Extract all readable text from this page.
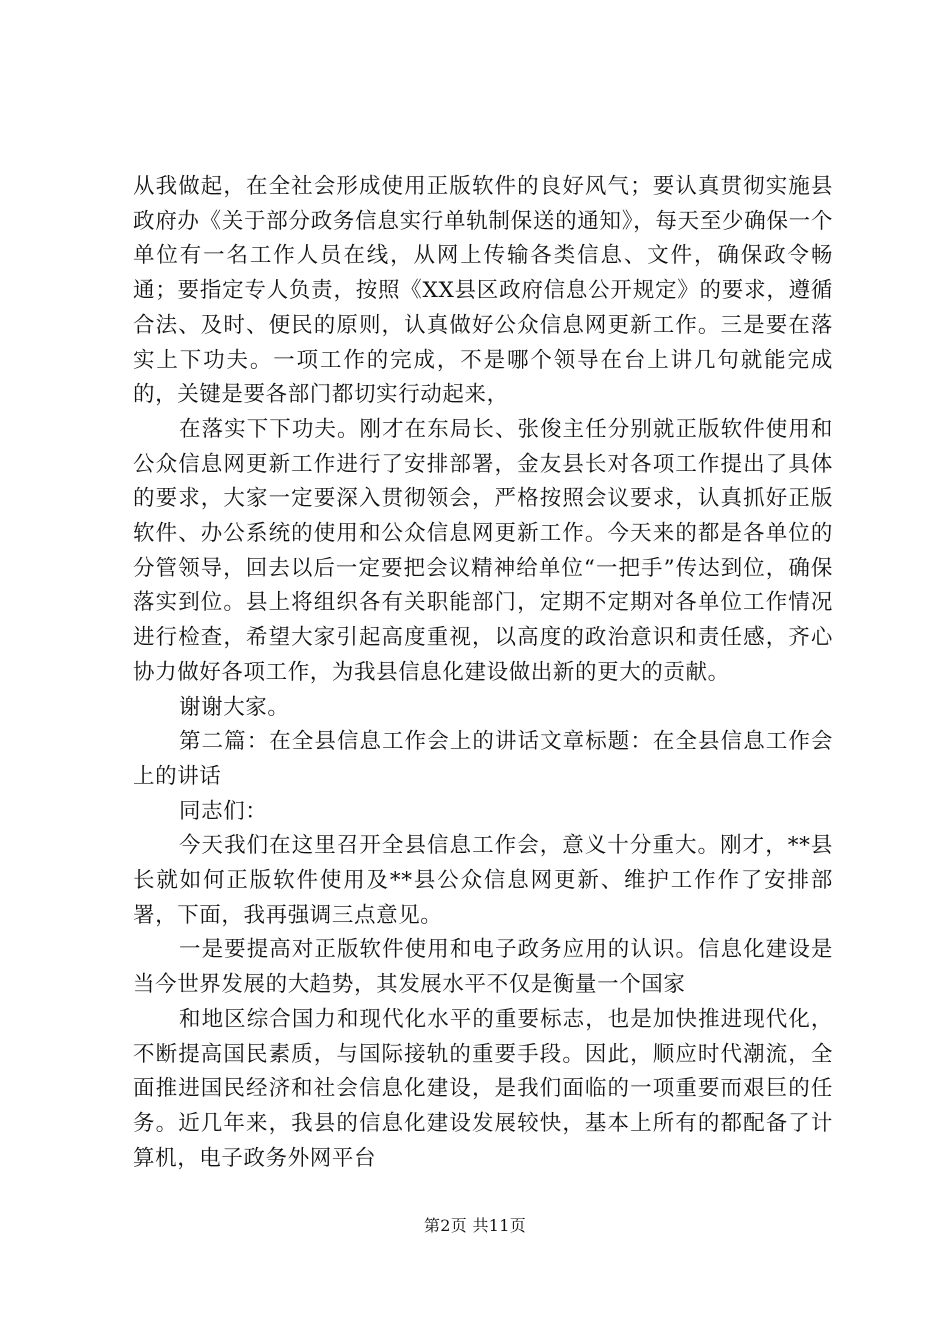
从我做起，在全社会形成使用正版软件的良好风气；要认真贯彻实施县政府办《关于部分政务信息实行单轨制保送的通知》，每天至少确保一个单位有一名工作人员在线，从网上传输各类信息、文件，确保政令畅通；要指定专人负责，按照《XX县区政府信息公开规定》的要求，遵循合法、及时、便民的原则，认真做好公众信息网更新工作。三是要在落实上下功夫。一项工作的完成，不是哪个领导在台上讲几句就能完成的，关键是要各部门都切实行动起来，

在落实下下功夫。刚才在东局长、张俊主任分别就正版软件使用和公众信息网更新工作进行了安排部署，金友县长对各项工作提出了具体的要求，大家一定要深入贯彻领会，严格按照会议要求，认真抓好正版软件、办公系统的使用和公众信息网更新工作。今天来的都是各单位的分管领导，回去以后一定要把会议精神给单位“一把手”传达到位，确保落实到位。县上将组织各有关职能部门，定期不定期对各单位工作情况进行检查，希望大家引起高度重视，以高度的政治意识和责任感，齐心协力做好各项工作，为我县信息化建设做出新的更大的贡献。

谢谢大家。

第二篇：在全县信息工作会上的讲话文章标题：在全县信息工作会上的讲话

同志们：

今天我们在这里召开全县信息工作会，意义十分重大。刚才，**县长就如何正版软件使用及**县公众信息网更新、维护工作作了安排部署，下面，我再强调三点意见。

一是要提高对正版软件使用和电子政务应用的认识。信息化建设是当今世界发展的大趋势，其发展水平不仅是衡量一个国家

和地区综合国力和现代化水平的重要标志，也是加快推进现代化，不断提高国民素质，与国际接轨的重要手段。因此，顺应时代潮流，全面推进国民经济和社会信息化建设，是我们面临的一项重要而艰巨的任务。近几年来，我县的信息化建设发展较快，基本上所有的都配备了计算机，电子政务外网平台

第2页 共11页
